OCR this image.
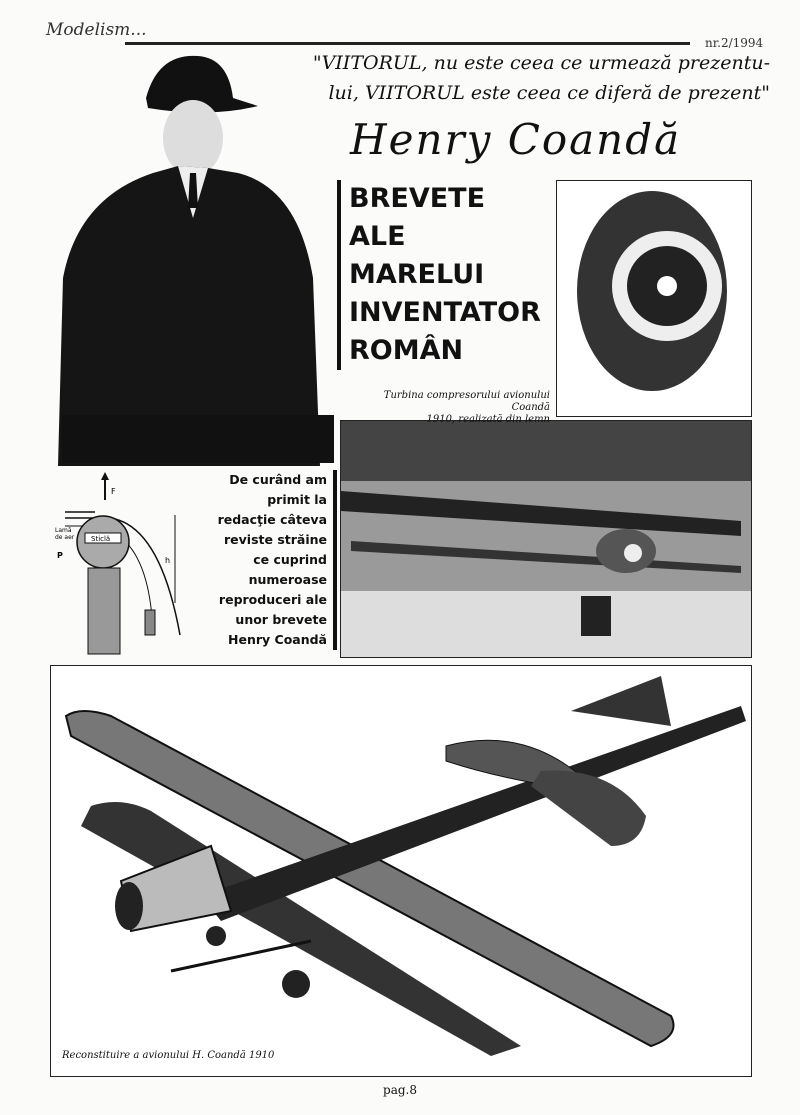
Modelism...
nr.2/1994
"VIITORUL, nu este ceea ce urmează prezentu-
lui, VIITORUL este ceea ce diferă de prezent"
Henry Coandă
BREVETE
ALE
MARELUI
INVENTATOR
ROMÂN
Turbina compresorului avionului Coandă
1910, realizată din lemn
F
Sticlă
Lamă
de aer
P
h
De curând am
primit la
redacţie câteva
reviste străine
ce cuprind
numeroase
reproduceri ale
unor brevete
Henry Coandă
Reconstituire a avionului H. Coandă 1910
pag.8
